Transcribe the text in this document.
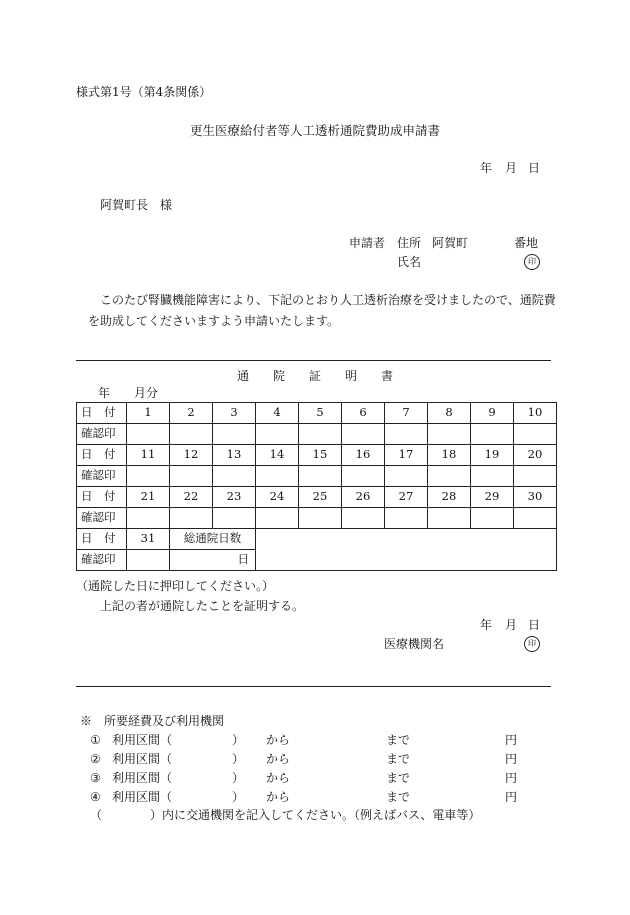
様式第1号（第4条関係）
更生医療給付者等人工透析通院費助成申請書
年 月 日
阿賀町長　様
申請者 住所 阿賀町	番地
氏名	印
このたび腎臓機能障害により、下記のとおり人工透析治療を受けましたので、通院費
を助成してくださいますよう申請いたします。
通　　院　　証　　明　　書
年　　月分
日　付	1	2	3	4	5	6	7	8	9	10
確認印										
日　付	11	12	13	14	15	16	17	18	19	20
確認印										
日　付	21	22	23	24	25	26	27	28	29	30
確認印										
日　付	31	総通院日数								
確認印		日								
（通院した日に押印してください。）
上記の者が通院したことを証明する。
年 月 日
医療機関名	印
※　所要経費及び利用機関
① 利用区間（　　　　　） から	まで	円
② 利用区間（　　　　　） から	まで	円
③ 利用区間（　　　　　） から	まで	円
④ 利用区間（　　　　　） から	まで	円
（　　　　）内に交通機関を記入してください。（例えばバス、電車等）
